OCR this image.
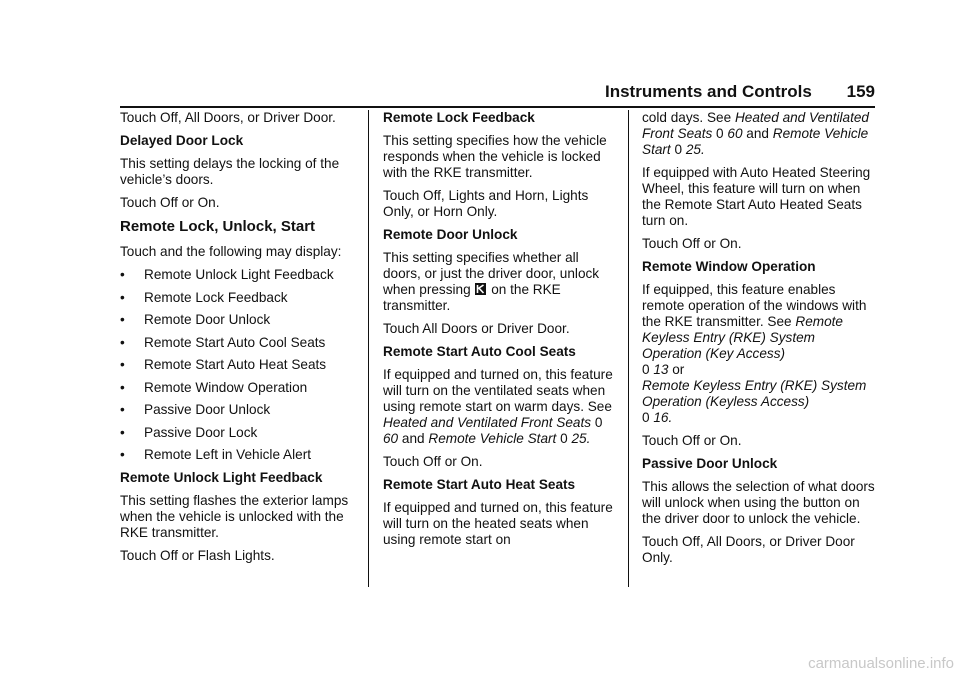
Instruments and Controls 159

Touch Off, All Doors, or Driver Door.

Delayed Door Lock

This setting delays the locking of the vehicle’s doors.

Touch Off or On.

Remote Lock, Unlock, Start

Touch and the following may display:

• Remote Unlock Light Feedback
• Remote Lock Feedback
• Remote Door Unlock
• Remote Start Auto Cool Seats
• Remote Start Auto Heat Seats
• Remote Window Operation
• Passive Door Unlock
• Passive Door Lock
• Remote Left in Vehicle Alert

Remote Unlock Light Feedback

This setting flashes the exterior lamps when the vehicle is unlocked with the RKE transmitter.

Touch Off or Flash Lights.

Remote Lock Feedback

This setting specifies how the vehicle responds when the vehicle is locked with the RKE transmitter.

Touch Off, Lights and Horn, Lights Only, or Horn Only.

Remote Door Unlock

This setting specifies whether all doors, or just the driver door, unlock when pressing on the RKE transmitter.

Touch All Doors or Driver Door.

Remote Start Auto Cool Seats

If equipped and turned on, this feature will turn on the ventilated seats when using remote start on warm days. See Heated and Ventilated Front Seats 0 60 and Remote Vehicle Start 0 25.

Touch Off or On.

Remote Start Auto Heat Seats

If equipped and turned on, this feature will turn on the heated seats when using remote start on

cold days. See Heated and Ventilated Front Seats 0 60 and Remote Vehicle Start 0 25.

If equipped with Auto Heated Steering Wheel, this feature will turn on when the Remote Start Auto Heated Seats turn on.

Touch Off or On.

Remote Window Operation

If equipped, this feature enables remote operation of the windows with the RKE transmitter. See Remote Keyless Entry (RKE) System Operation (Key Access)
0 13 or
Remote Keyless Entry (RKE) System Operation (Keyless Access)
0 16.

Touch Off or On.

Passive Door Unlock

This allows the selection of what doors will unlock when using the button on the driver door to unlock the vehicle.

Touch Off, All Doors, or Driver Door Only.

carmanualsonline.info
